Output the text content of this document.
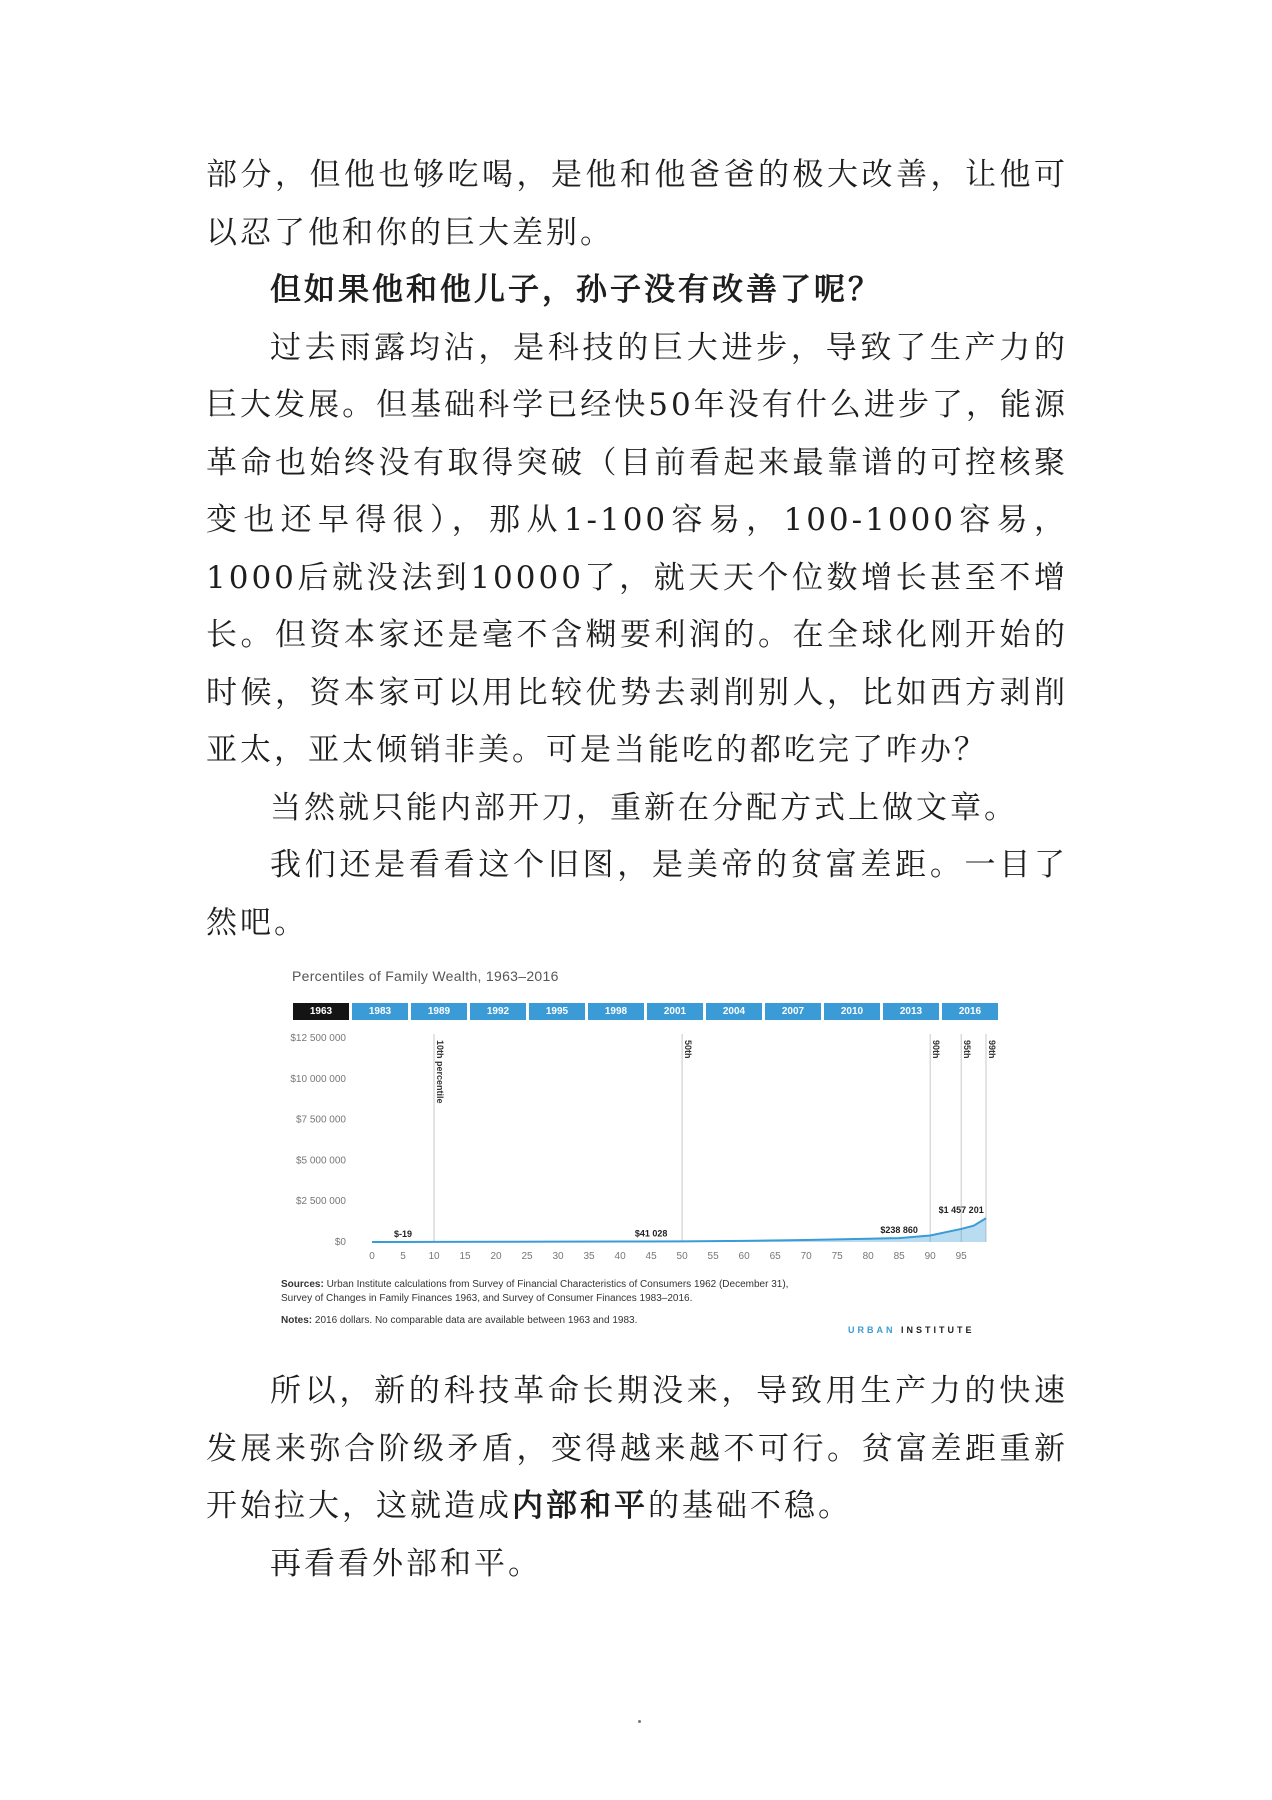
部分，但他也够吃喝，是他和他爸爸的极大改善，让他可以忍了他和你的巨大差别。

但如果他和他儿子，孙子没有改善了呢？

过去雨露均沾，是科技的巨大进步，导致了生产力的巨大发展。但基础科学已经快50年没有什么进步了，能源革命也始终没有取得突破（目前看起来最靠谱的可控核聚变也还早得很），那从1-100容易，100-1000容易，1000后就没法到10000了，就天天个位数增长甚至不增长。但资本家还是毫不含糊要利润的。在全球化刚开始的时候，资本家可以用比较优势去剥削别人，比如西方剥削亚太，亚太倾销非美。可是当能吃的都吃完了咋办？

当然就只能内部开刀，重新在分配方式上做文章。

我们还是看看这个旧图，是美帝的贫富差距。一目了然吧。

Percentiles of Family Wealth, 1963–2016
1963	1983	1989	1992	1995	1998	2001	2004	2007	2010	2013	2016
$0
$2 500 000
$5 000 000
$7 500 000
$10 000 000
$12 500 000
0	5 10 15 20 25 30 35 40 45 50 55 60 65 70 75 80 85 90 95
10th percentile	50th	90th 95th 99th
$-19	$41 028	$238 860
$1 457 201
Sources: Urban Institute calculations from Survey of Financial Characteristics of Consumers 1962 (December 31), Survey of Changes in Family Finances 1963, and Survey of Consumer Finances 1983–2016.
Notes: 2016 dollars. No comparable data are available between 1963 and 1983.
URBAN INSTITUTE

所以，新的科技革命长期没来，导致用生产力的快速发展来弥合阶级矛盾，变得越来越不可行。贫富差距重新开始拉大，这就造成内部和平的基础不稳。

再看看外部和平。
